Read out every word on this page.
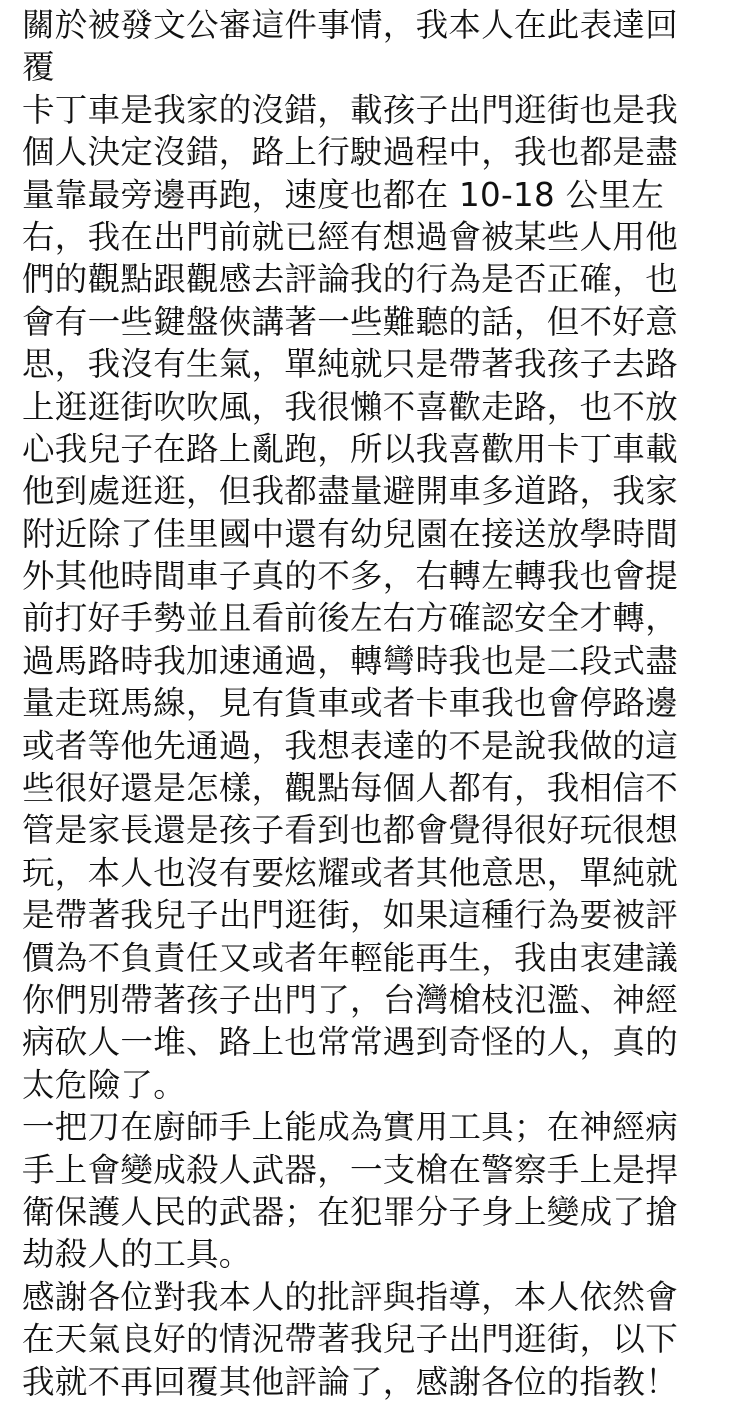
關於被發文公審這件事情，我本人在此表達回
覆
卡丁車是我家的沒錯，載孩子出門逛街也是我
個人決定沒錯，路上行駛過程中，我也都是盡
量靠最旁邊再跑，速度也都在 10-18 公里左
右，我在出門前就已經有想過會被某些人用他
們的觀點跟觀感去評論我的行為是否正確，也
會有一些鍵盤俠講著一些難聽的話，但不好意
思，我沒有生氣，單純就只是帶著我孩子去路
上逛逛街吹吹風，我很懶不喜歡走路，也不放
心我兒子在路上亂跑，所以我喜歡用卡丁車載
他到處逛逛，但我都盡量避開車多道路，我家
附近除了佳里國中還有幼兒園在接送放學時間
外其他時間車子真的不多，右轉左轉我也會提
前打好手勢並且看前後左右方確認安全才轉，
過馬路時我加速通過，轉彎時我也是二段式盡
量走斑馬線，見有貨車或者卡車我也會停路邊
或者等他先通過，我想表達的不是說我做的這
些很好還是怎樣，觀點每個人都有，我相信不
管是家長還是孩子看到也都會覺得很好玩很想
玩，本人也沒有要炫耀或者其他意思，單純就
是帶著我兒子出門逛街，如果這種行為要被評
價為不負責任又或者年輕能再生，我由衷建議
你們別帶著孩子出門了，台灣槍枝氾濫、神經
病砍人一堆、路上也常常遇到奇怪的人，真的
太危險了。
一把刀在廚師手上能成為實用工具；在神經病
手上會變成殺人武器，一支槍在警察手上是捍
衛保護人民的武器；在犯罪分子身上變成了搶
劫殺人的工具。
感謝各位對我本人的批評與指導，本人依然會
在天氣良好的情況帶著我兒子出門逛街，以下
我就不再回覆其他評論了，感謝各位的指教！
